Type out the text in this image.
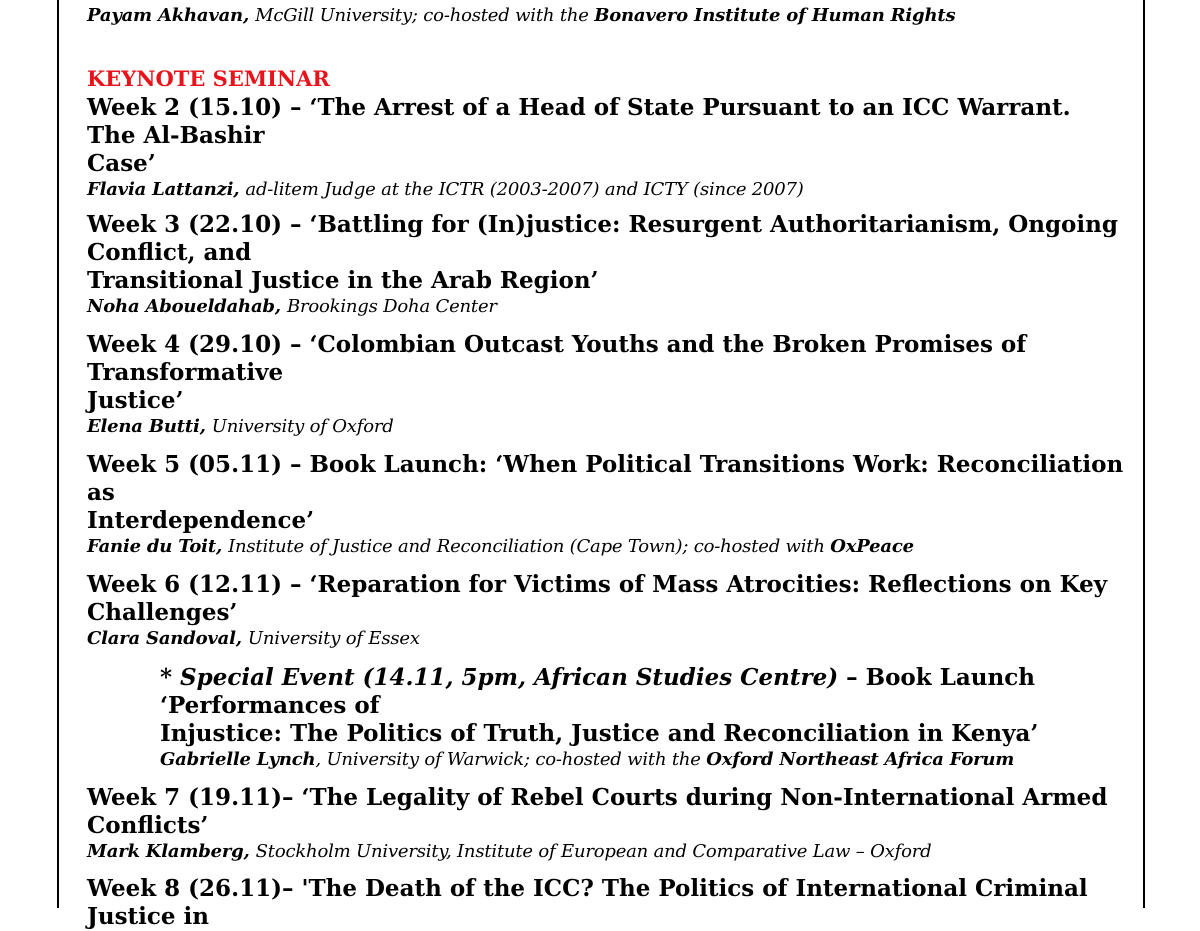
Payam Akhavan, McGill University; co-hosted with the Bonavero Institute of Human Rights

KEYNOTE SEMINAR

Week 2 (15.10) – ‘The Arrest of a Head of State Pursuant to an ICC Warrant. The Al-Bashir

Case’

Flavia Lattanzi, ad-litem Judge at the ICTR (2003-2007) and ICTY (since 2007)

Week 3 (22.10) – ‘Battling for (In)justice: Resurgent Authoritarianism, Ongoing Conflict, and

Transitional Justice in the Arab Region’

Noha Aboueldahab, Brookings Doha Center

Week 4 (29.10) – ‘Colombian Outcast Youths and the Broken Promises of Transformative

Justice’

Elena Butti, University of Oxford

Week 5 (05.11) – Book Launch: ‘When Political Transitions Work: Reconciliation as

Interdependence’

Fanie du Toit, Institute of Justice and Reconciliation (Cape Town); co-hosted with OxPeace

Week 6 (12.11) – ‘Reparation for Victims of Mass Atrocities: Reflections on Key Challenges’

Clara Sandoval, University of Essex

* Special Event (14.11, 5pm, African Studies Centre) – Book Launch ‘Performances of

Injustice: The Politics of Truth, Justice and Reconciliation in Kenya’

Gabrielle Lynch, University of Warwick; co-hosted with the Oxford Northeast Africa Forum

Week 7 (19.11)– ‘The Legality of Rebel Courts during Non-International Armed Conflicts’

Mark Klamberg, Stockholm University, Institute of European and Comparative Law – Oxford

Week 8 (26.11)– 'The Death of the ICC? The Politics of International Criminal Justice in
